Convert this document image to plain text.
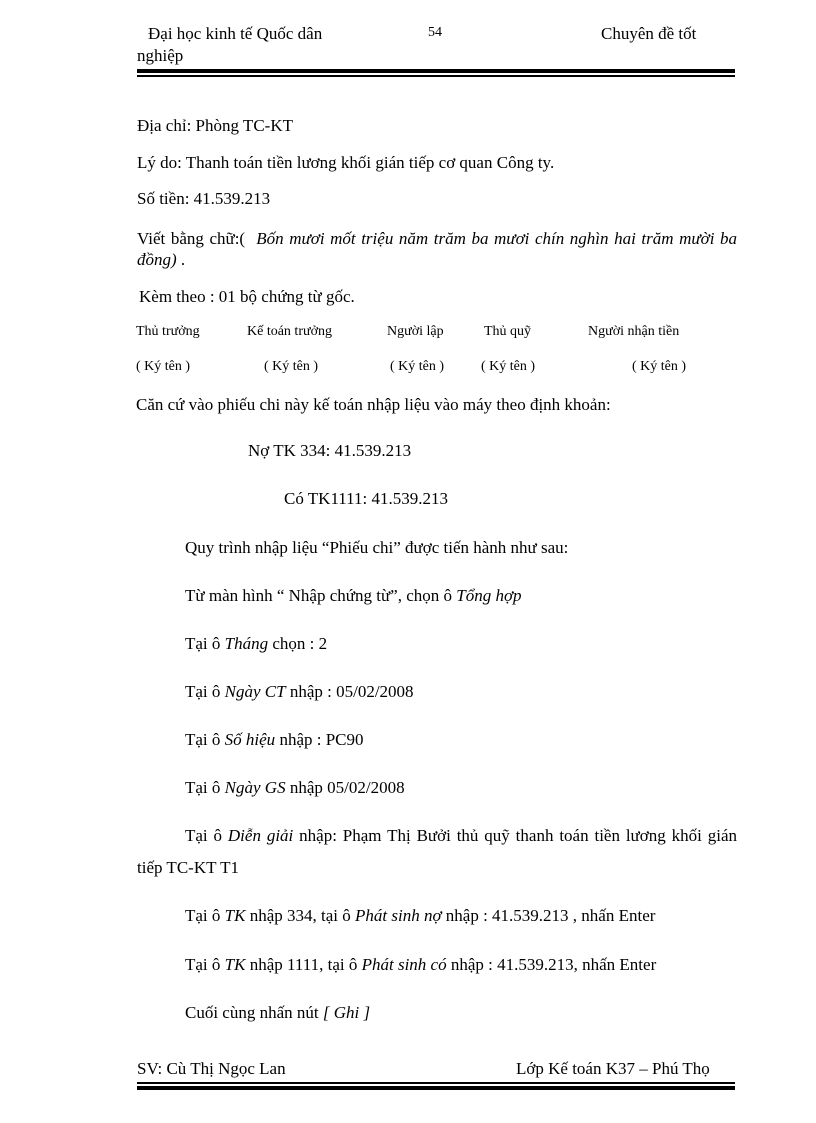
Đại học kinh tế Quốc dân	54	Chuyên đề tốt
nghiệp
Địa chỉ: Phòng TC-KT
Lý do: Thanh toán tiền lương khối gián tiếp cơ quan Công ty.
Số tiền: 41.539.213
Viết bằng chữ:( Bốn mươi mốt triệu năm trăm ba mươi chín nghìn hai trăm mười ba đồng) .
Kèm theo : 01 bộ chứng từ gốc.
Thủ trưởng	Kế toán trưởng	Người lập	Thủ quỹ	Người nhận tiền
( Ký tên )	( Ký tên )	( Ký tên )	( Ký tên )	( Ký tên )
Căn cứ vào phiếu chi này kế toán nhập liệu vào máy theo định khoản:
Nợ TK 334: 41.539.213
Có TK1111: 41.539.213
Quy trình nhập liệu “Phiếu chi” được tiến hành như sau:
Từ màn hình “ Nhập chứng từ”, chọn ô Tổng hợp
Tại ô Tháng chọn : 2
Tại ô Ngày CT nhập : 05/02/2008
Tại ô Số hiệu nhập : PC90
Tại ô Ngày GS nhập 05/02/2008
Tại ô Diễn giải nhập: Phạm Thị Bưởi thủ quỹ thanh toán tiền lương khối gián tiếp TC-KT T1
Tại ô TK nhập 334, tại ô Phát sinh nợ nhập : 41.539.213 , nhấn Enter
Tại ô TK nhập 1111, tại ô Phát sinh có nhập : 41.539.213, nhấn Enter
Cuối cùng nhấn nút [ Ghi ]
SV: Cù Thị Ngọc Lan	Lớp Kế toán K37 – Phú Thọ
